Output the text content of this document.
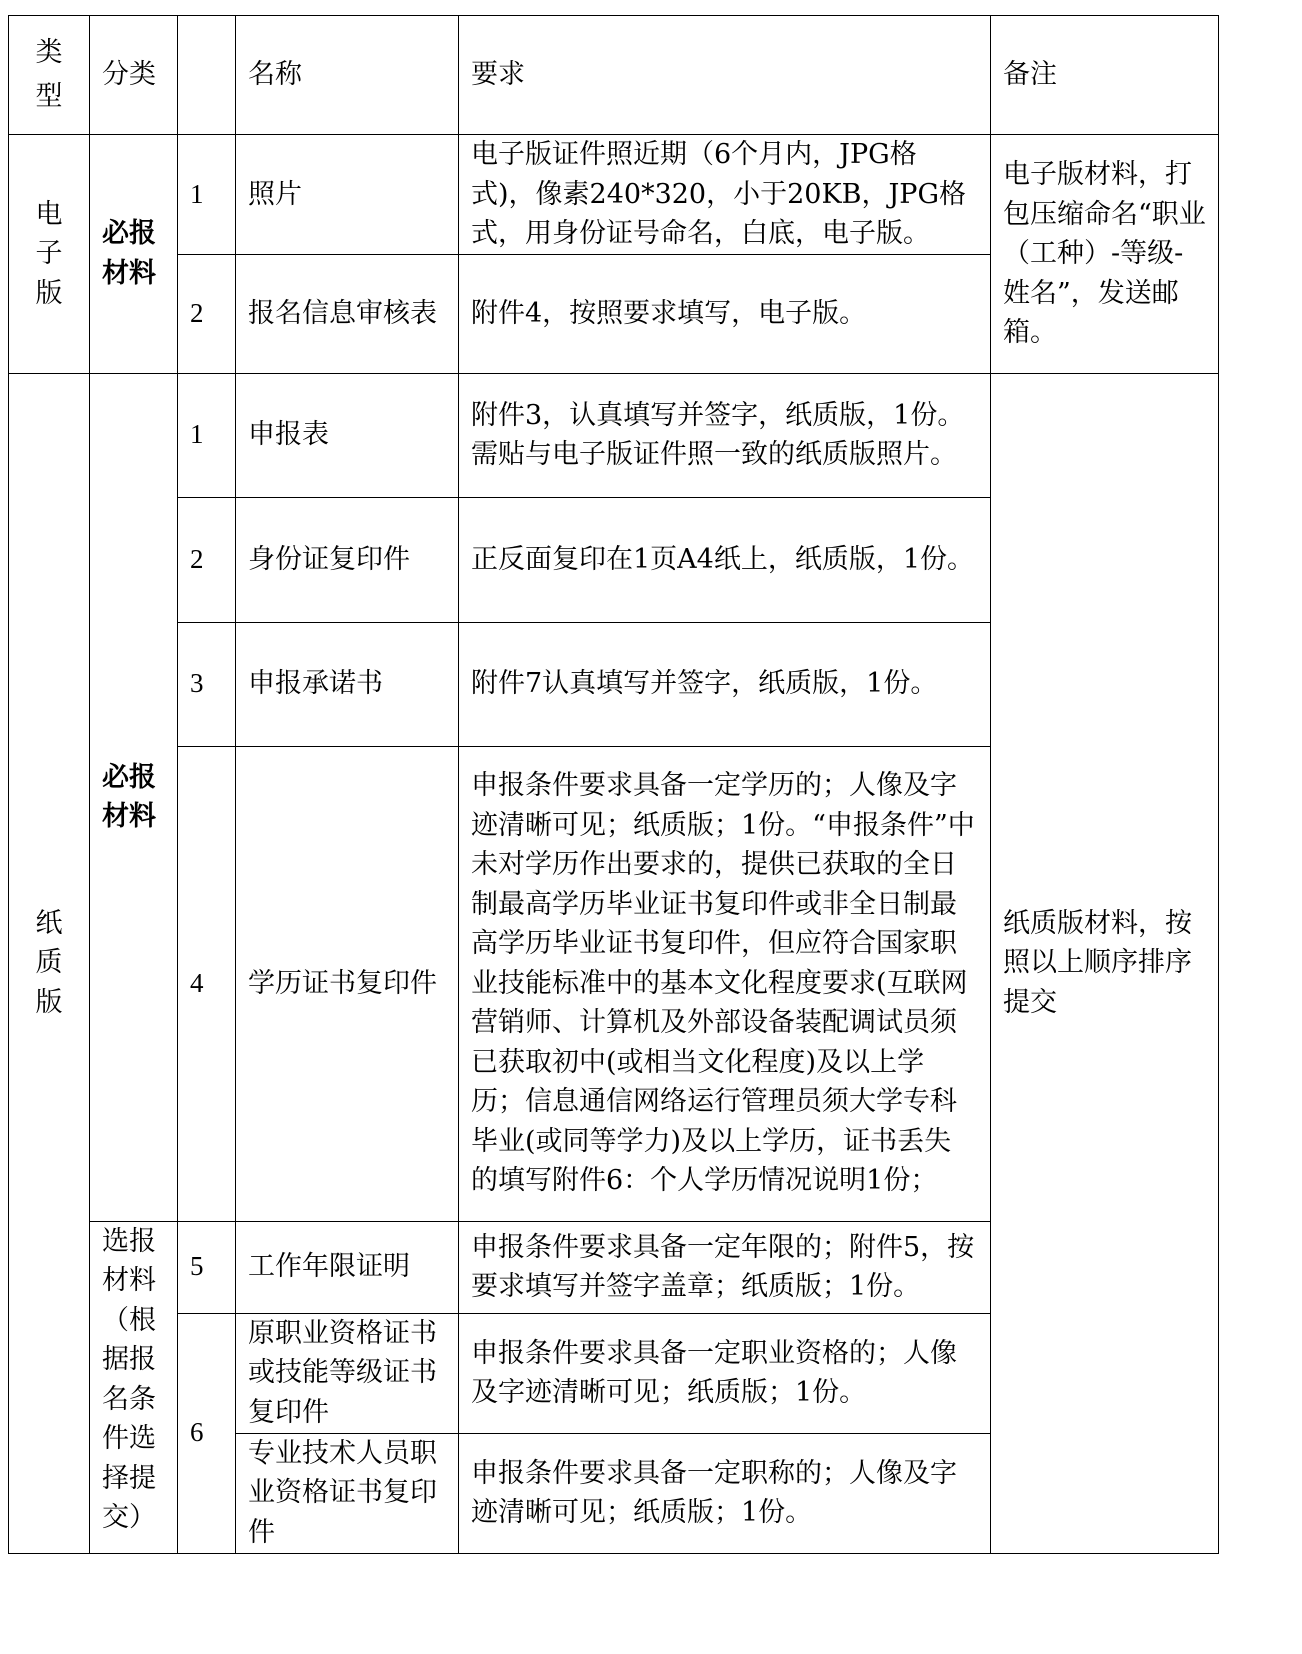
类型	分类		名称	要求	备注
电子版	必报材料	1	照片	电子版证件照近期（6个月内，JPG格式)，像素240*320，小于20KB，JPG格式，用身份证号命名，白底，电子版。	电子版材料，打包压缩命名“职业（工种）-等级-姓名”，发送邮箱。
		2	报名信息审核表	附件4，按照要求填写，电子版。	
纸质版	必报材料	1	申报表	附件3，认真填写并签字，纸质版，1份。需贴与电子版证件照一致的纸质版照片。	纸质版材料，按照以上顺序排序提交
		2	身份证复印件	正反面复印在1页A4纸上，纸质版，1份。	
		3	申报承诺书	附件7认真填写并签字，纸质版，1份。	
		4	学历证书复印件	申报条件要求具备一定学历的；人像及字迹清晰可见；纸质版；1份。“申报条件”中未对学历作出要求的，提供已获取的全日制最高学历毕业证书复印件或非全日制最高学历毕业证书复印件，但应符合国家职业技能标准中的基本文化程度要求(互联网营销师、计算机及外部设备装配调试员须已获取初中(或相当文化程度)及以上学历；信息通信网络运行管理员须大学专科毕业(或同等学力)及以上学历，证书丢失的填写附件6：个人学历情况说明1份；	
	选报材料（根据报名条件选择提交）	5	工作年限证明	申报条件要求具备一定年限的；附件5，按要求填写并签字盖章；纸质版；1份。	
		6	原职业资格证书或技能等级证书复印件	申报条件要求具备一定职业资格的；人像及字迹清晰可见；纸质版；1份。	
			专业技术人员职业资格证书复印件	申报条件要求具备一定职称的；人像及字迹清晰可见；纸质版；1份。	
